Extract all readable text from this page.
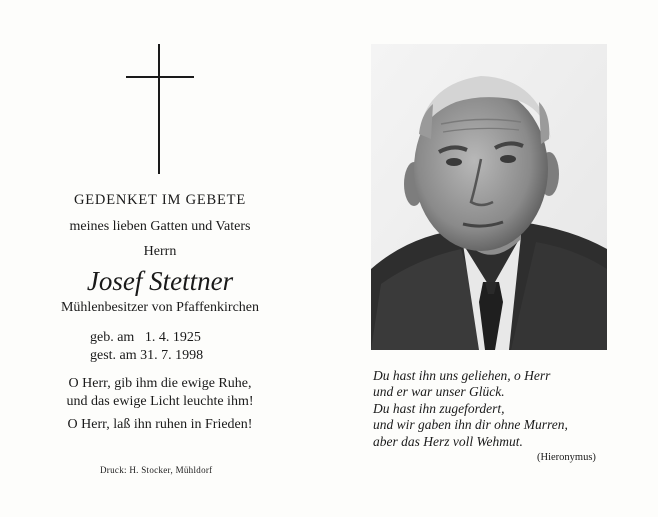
GEDENKET IM GEBETE
meines lieben Gatten und Vaters
Herrn
Josef Stettner
Mühlenbesitzer von Pfaffenkirchen
geb. am 1. 4. 1925
gest. am 31. 7. 1998
O Herr, gib ihm die ewige Ruhe,
und das ewige Licht leuchte ihm!
O Herr, laß ihn ruhen in Frieden!
Druck: H. Stocker, Mühldorf
Du hast ihn uns geliehen, o Herr
und er war unser Glück.
Du hast ihn zugefordert,
und wir gaben ihn dir ohne Murren,
aber das Herz voll Wehmut.
(Hieronymus)
